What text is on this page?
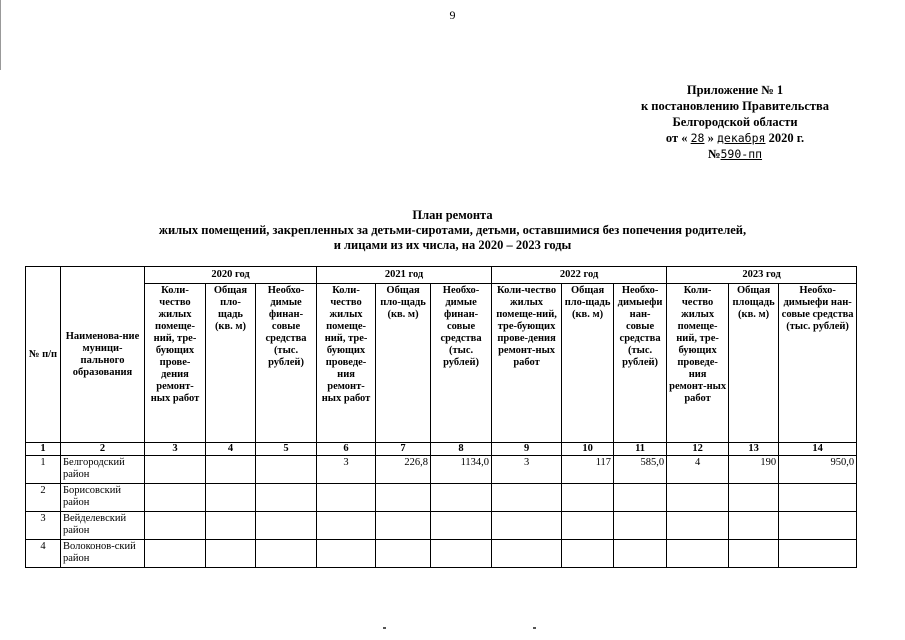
9
Приложение № 1
к постановлению Правительства
Белгородской области
от « 28 » декабря 2020 г.
№590-пп
План ремонта
жилых помещений, закрепленных за детьми-сиротами, детьми, оставшимися без попечения родителей,
и лицами из их числа, на 2020 – 2023 годы
№ п/п	Наименова-ние муници-пального образования	2020 год			2021 год			2022 год			2023 год		
		Коли-чество жилых помеще-ний, тре-бующих прове-дения ремонт-ных работ	Общая пло-щадь (кв. м)	Необхо-димые финан-совые средства (тыс. рублей)	Коли-чество жилых помеще-ний, тре-бующих проведе-ния ремонт-ных работ	Общая пло-щадь (кв. м)	Необхо-димые финан-совые средства (тыс. рублей)	Коли-чество жилых помеще-ний, тре-бующих прове-дения ремонт-ных работ	Общая пло-щадь (кв. м)	Необхо-димыефи нан-совые средства (тыс. рублей)	Коли-чество жилых помеще-ний, тре-бующих проведе-ния ремонт-ных работ	Общая площадь (кв. м)	Необхо-димыефи нан-совые средства (тыс. рублей)
1	2	3	4	5	6	7	8	9	10	11	12	13	14
1	Белгородский район				3	226,8	1134,0	3	117	585,0	4	190	950,0
2	Борисовский район												
3	Вейделевский район												
4	Волоконов-ский район												
